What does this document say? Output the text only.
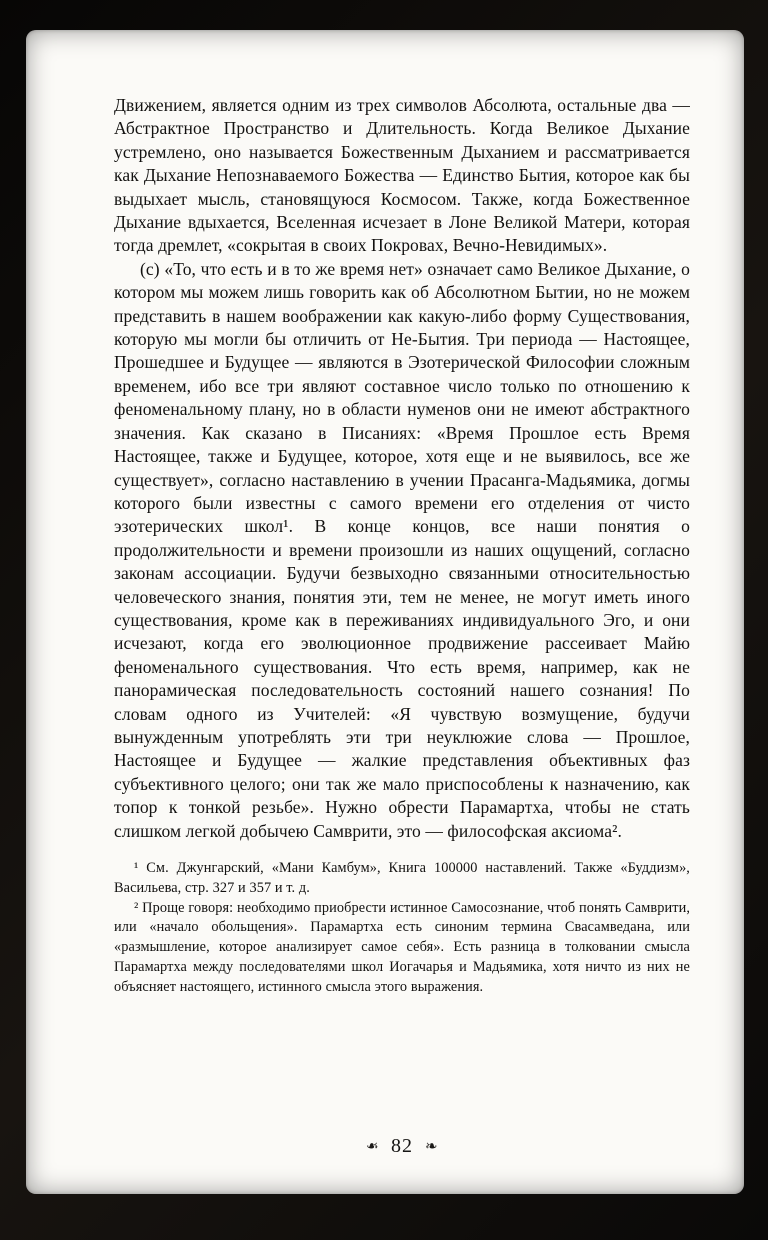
Движением, является одним из трех символов Абсолюта, остальные два — Абстрактное Пространство и Длительность. Когда Великое Дыхание устремлено, оно называется Божественным Дыханием и рассматривается как Дыхание Непознаваемого Божества — Единство Бытия, которое как бы выдыхает мысль, становящуюся Космосом. Также, когда Божественное Дыхание вдыхается, Вселенная исчезает в Лоне Великой Матери, которая тогда дремлет, «сокрытая в своих Покровах, Вечно-Невидимых».

(с) «То, что есть и в то же время нет» означает само Великое Дыхание, о котором мы можем лишь говорить как об Абсолютном Бытии, но не можем представить в нашем воображении как какую-либо форму Существования, которую мы могли бы отличить от Не-Бытия. Три периода — Настоящее, Прошедшее и Будущее — являются в Эзотерической Философии сложным временем, ибо все три являют составное число только по отношению к феноменальному плану, но в области нуменов они не имеют абстрактного значения. Как сказано в Писаниях: «Время Прошлое есть Время Настоящее, также и Будущее, которое, хотя еще и не выявилось, все же существует», согласно наставлению в учении Прасанга-Мадьямика, догмы которого были известны с самого времени его отделения от чисто эзотерических школ¹. В конце концов, все наши понятия о продолжительности и времени произошли из наших ощущений, согласно законам ассоциации. Будучи безвыходно связанными относительностью человеческого знания, понятия эти, тем не менее, не могут иметь иного существования, кроме как в переживаниях индивидуального Эго, и они исчезают, когда его эволюционное продвижение рассеивает Майю феноменального существования. Что есть время, например, как не панорамическая последовательность состояний нашего сознания! По словам одного из Учителей: «Я чувствую возмущение, будучи вынужденным употреблять эти три неуклюжие слова — Прошлое, Настоящее и Будущее — жалкие представления объективных фаз субъективного целого; они так же мало приспособлены к назначению, как топор к тонкой резьбе». Нужно обрести Парамартха, чтобы не стать слишком легкой добычею Самврити, это — философская аксиома².

¹ См. Джунгарский, «Мани Камбум», Книга 100000 наставлений. Также «Буддизм», Васильева, стр. 327 и 357 и т. д.

² Проще говоря: необходимо приобрести истинное Самосознание, чтоб понять Самврити, или «начало обольщения». Парамартха есть синоним термина Свасамведана, или «размышление, которое анализирует самое себя». Есть разница в толковании смысла Парамартха между последователями школ Иогачарья и Мадьямика, хотя ничто из них не объясняет настоящего, истинного смысла этого выражения.

❧ 82 ❧
